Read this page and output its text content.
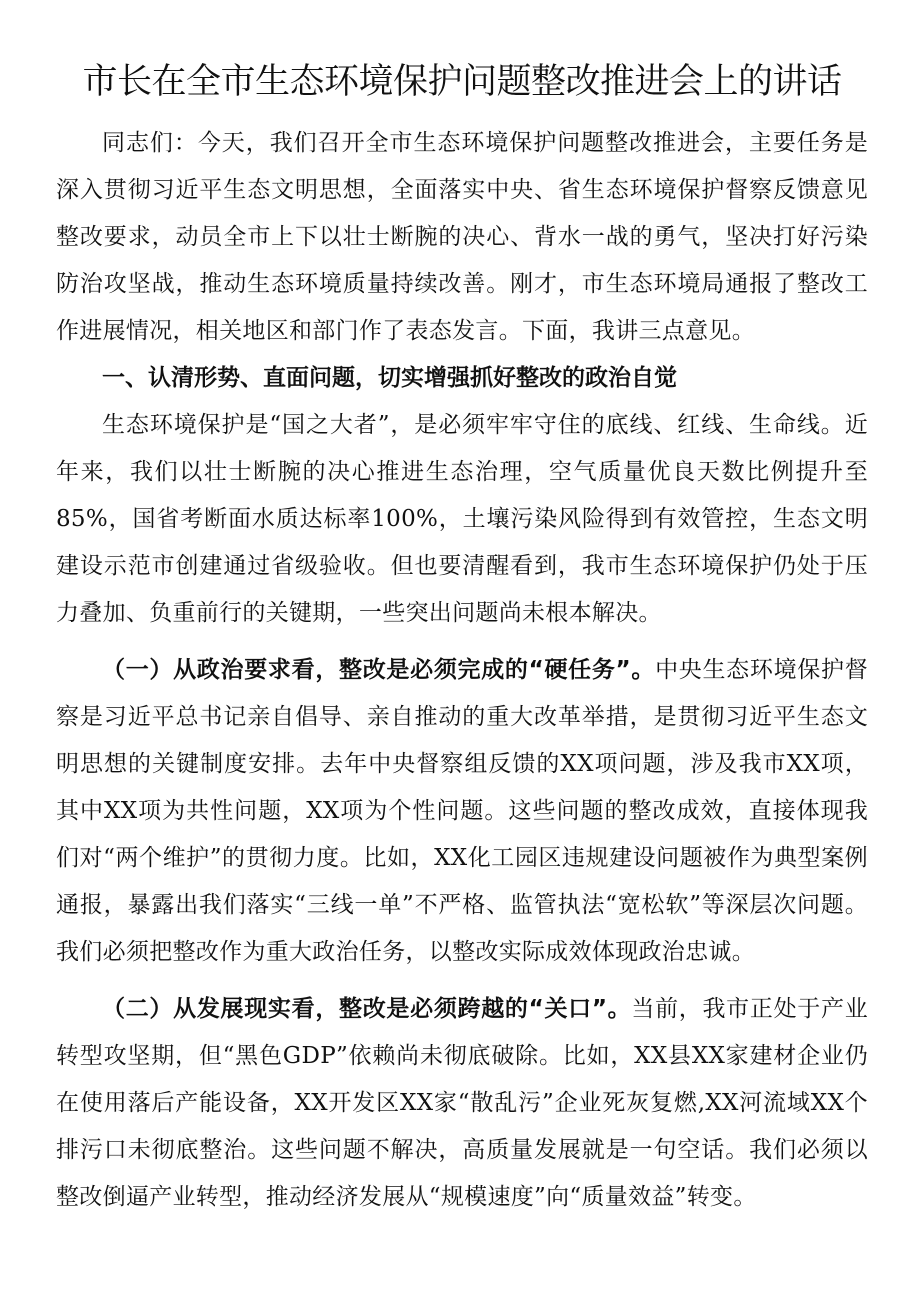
市长在全市生态环境保护问题整改推进会上的讲话

同志们：今天，我们召开全市生态环境保护问题整改推进会，主要任务是深入贯彻习近平生态文明思想，全面落实中央、省生态环境保护督察反馈意见整改要求，动员全市上下以壮士断腕的决心、背水一战的勇气，坚决打好污染防治攻坚战，推动生态环境质量持续改善。刚才，市生态环境局通报了整改工作进展情况，相关地区和部门作了表态发言。下面，我讲三点意见。

一、认清形势、直面问题，切实增强抓好整改的政治自觉

生态环境保护是“国之大者”，是必须牢牢守住的底线、红线、生命线。近年来，我们以壮士断腕的决心推进生态治理，空气质量优良天数比例提升至85%，国省考断面水质达标率100%，土壤污染风险得到有效管控，生态文明建设示范市创建通过省级验收。但也要清醒看到，我市生态环境保护仍处于压力叠加、负重前行的关键期，一些突出问题尚未根本解决。

（一）从政治要求看，整改是必须完成的“硬任务”。中央生态环境保护督察是习近平总书记亲自倡导、亲自推动的重大改革举措，是贯彻习近平生态文明思想的关键制度安排。去年中央督察组反馈的XX项问题，涉及我市XX项，其中XX项为共性问题，XX项为个性问题。这些问题的整改成效，直接体现我们对“两个维护”的贯彻力度。比如，XX化工园区违规建设问题被作为典型案例通报，暴露出我们落实“三线一单”不严格、监管执法“宽松软”等深层次问题。我们必须把整改作为重大政治任务，以整改实际成效体现政治忠诚。

（二）从发展现实看，整改是必须跨越的“关口”。当前，我市正处于产业转型攻坚期，但“黑色GDP”依赖尚未彻底破除。比如，XX县XX家建材企业仍在使用落后产能设备，XX开发区XX家“散乱污”企业死灰复燃,XX河流域XX个排污口未彻底整治。这些问题不解决，高质量发展就是一句空话。我们必须以整改倒逼产业转型，推动经济发展从“规模速度”向“质量效益”转变。
